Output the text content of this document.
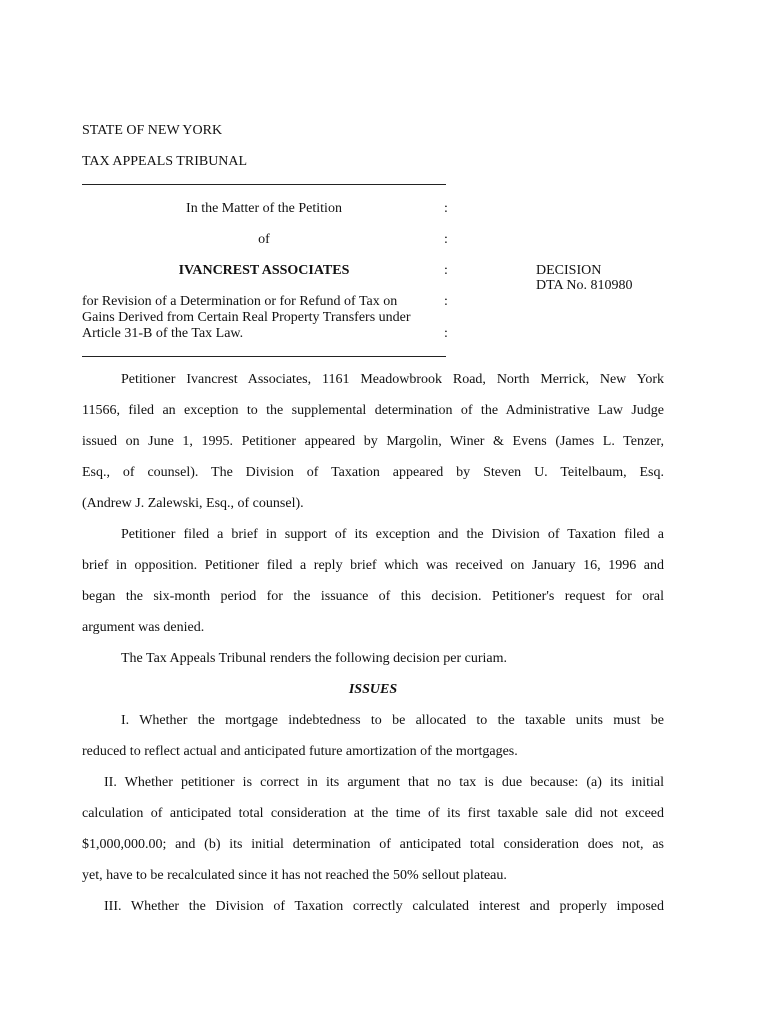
STATE OF NEW YORK
TAX APPEALS TRIBUNAL
In the Matter of the Petition	:
of	:
IVANCREST ASSOCIATES	:	DECISION
DTA No. 810980
for Revision of a Determination or for Refund of Tax on	:
Gains Derived from Certain Real Property Transfers under
Article 31-B of the Tax Law.	:
Petitioner Ivancrest Associates, 1161 Meadowbrook Road, North Merrick, New York
11566, filed an exception to the supplemental determination of the Administrative Law Judge
issued on June 1, 1995. Petitioner appeared by Margolin, Winer & Evens (James L. Tenzer,
Esq., of counsel). The Division of Taxation appeared by Steven U. Teitelbaum, Esq.
(Andrew J. Zalewski, Esq., of counsel).
Petitioner filed a brief in support of its exception and the Division of Taxation filed a
brief in opposition. Petitioner filed a reply brief which was received on January 16, 1996 and
began the six-month period for the issuance of this decision. Petitioner's request for oral
argument was denied.
The Tax Appeals Tribunal renders the following decision per curiam.
ISSUES
I. Whether the mortgage indebtedness to be allocated to the taxable units must be
reduced to reflect actual and anticipated future amortization of the mortgages.
II. Whether petitioner is correct in its argument that no tax is due because: (a) its initial
calculation of anticipated total consideration at the time of its first taxable sale did not exceed
$1,000,000.00; and (b) its initial determination of anticipated total consideration does not, as
yet, have to be recalculated since it has not reached the 50% sellout plateau.
III. Whether the Division of Taxation correctly calculated interest and properly imposed
